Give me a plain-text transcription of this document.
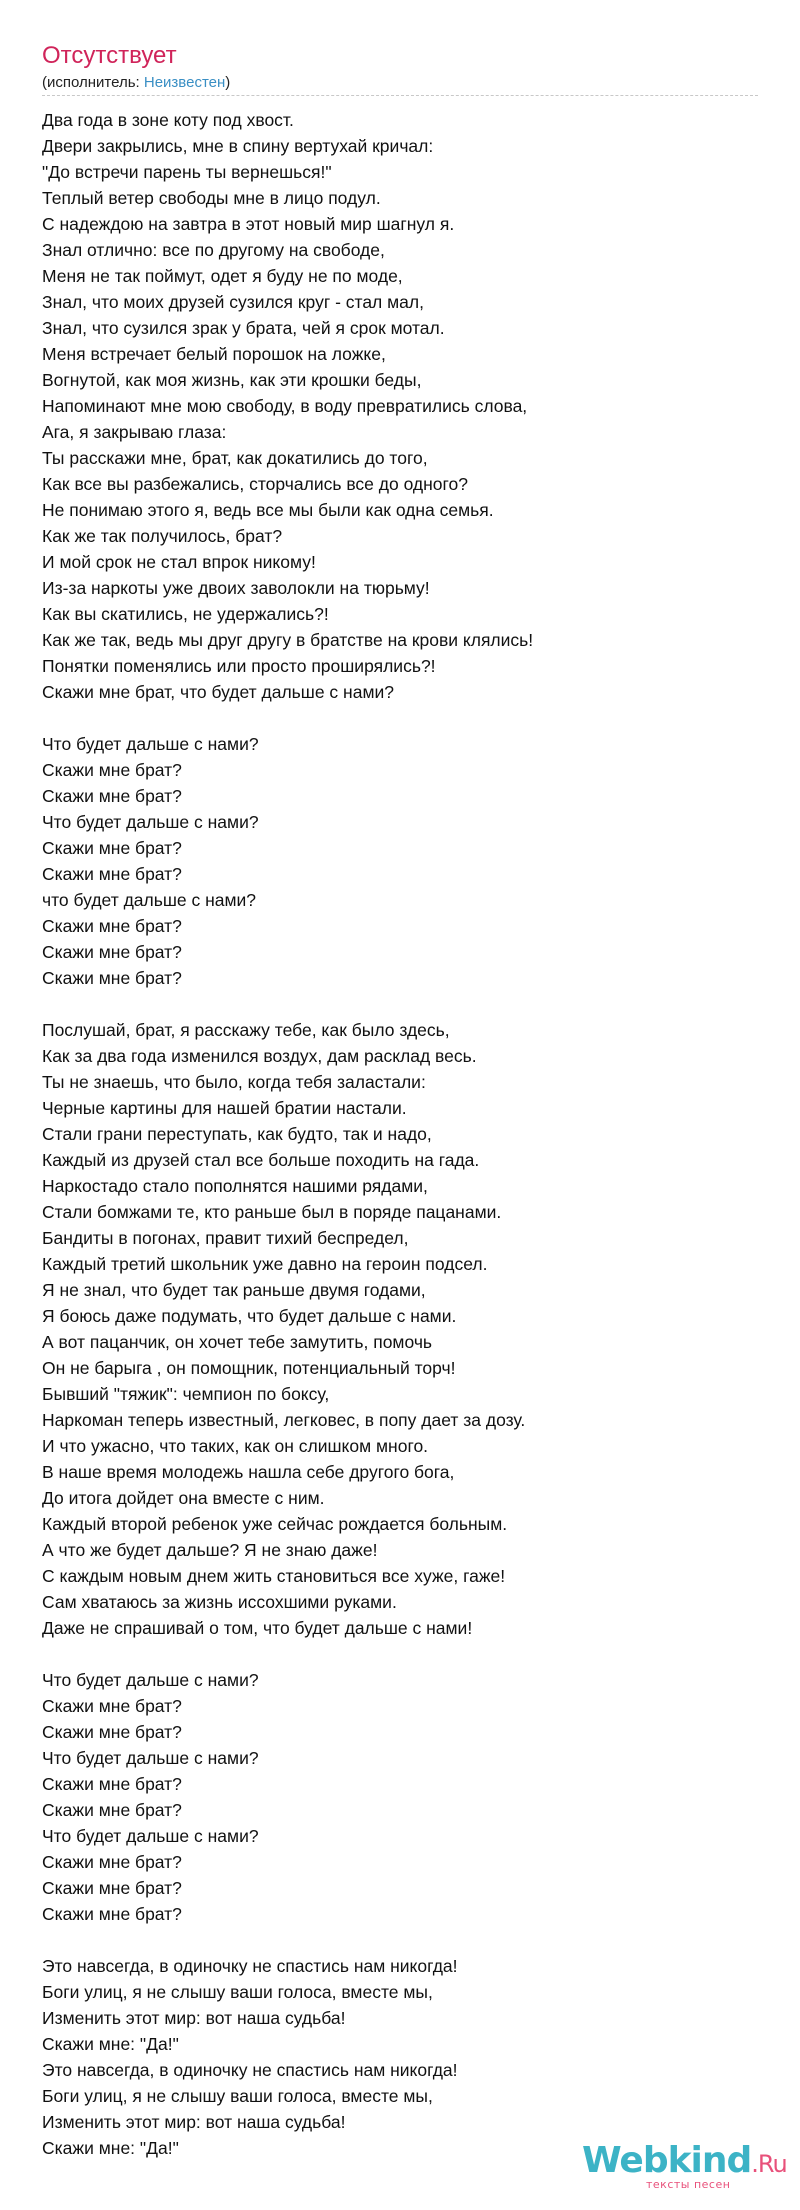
Отсутствует
(исполнитель: Неизвестен)
Два года в зоне коту под хвост.
Двери закрылись, мне в спину вертухай кричал:
"До встречи парень ты вернешься!"
Теплый ветер свободы мне в лицо подул.
С надеждою на завтра в этот новый мир шагнул я.
Знал отлично: все по другому на свободе,
Меня не так поймут, одет я буду не по моде,
Знал, что моих друзей сузился круг - стал мал,
Знал, что сузился зрак у брата, чей я срок мотал.
Меня встречает белый порошок на ложке,
Вогнутой, как моя жизнь, как эти крошки беды,
Напоминают мне мою свободу, в воду превратились слова,
Ага, я закрываю глаза:
Ты расскажи мне, брат, как докатились до того,
Как все вы разбежались, сторчались все до одного?
Не понимаю этого я, ведь все мы были как одна семья.
Как же так получилось, брат?
И мой срок не стал впрок никому!
Из-за наркоты уже двоих заволокли на тюрьму!
Как вы скатились, не удержались?!
Как же так, ведь мы друг другу в братстве на крови клялись!
Понятки поменялись или просто проширялись?!
Скажи мне брат, что будет дальше с нами?
Что будет дальше с нами?
Скажи мне брат?
Скажи мне брат?
Что будет дальше с нами?
Скажи мне брат?
Скажи мне брат?
что будет дальше с нами?
Скажи мне брат?
Скажи мне брат?
Скажи мне брат?
Послушай, брат, я расскажу тебе, как было здесь,
Как за два года изменился воздух, дам расклад весь.
Ты не знаешь, что было, когда тебя заластали:
Черные картины для нашей братии настали.
Стали грани переступать, как будто, так и надо,
Каждый из друзей стал все больше походить на гада.
Наркостадо стало пополнятся нашими рядами,
Стали бомжами те, кто раньше был в поряде пацанами.
Бандиты в погонах, правит тихий беспредел,
Каждый третий школьник уже давно на героин подсел.
Я не знал, что будет так раньше двумя годами,
Я боюсь даже подумать, что будет дальше с нами.
А вот пацанчик, он хочет тебе замутить, помочь
Он не барыга , он помощник, потенциальный торч!
Бывший "тяжик": чемпион по боксу,
Наркоман теперь известный, легковес, в попу дает за дозу.
И что ужасно, что таких, как он слишком много.
В наше время молодежь нашла себе другого бога,
До итога дойдет она вместе с ним.
Каждый второй ребенок уже сейчас рождается больным.
А что же будет дальше? Я не знаю даже!
С каждым новым днем жить становиться все хуже, гаже!
Сам хватаюсь за жизнь иссохшими руками.
Даже не спрашивай о том, что будет дальше с нами!
Что будет дальше с нами?
Скажи мне брат?
Скажи мне брат?
Что будет дальше с нами?
Скажи мне брат?
Скажи мне брат?
Что будет дальше с нами?
Скажи мне брат?
Скажи мне брат?
Скажи мне брат?
Это навсегда, в одиночку не спастись нам никогда!
Боги улиц, я не слышу ваши голоса, вместе мы,
Изменить этот мир: вот наша судьба!
Скажи мне: "Да!"
Это навсегда, в одиночку не спастись нам никогда!
Боги улиц, я не слышу ваши голоса, вместе мы,
Изменить этот мир: вот наша судьба!
Скажи мне: "Да!"	Webkind.Ru
тексты песен
